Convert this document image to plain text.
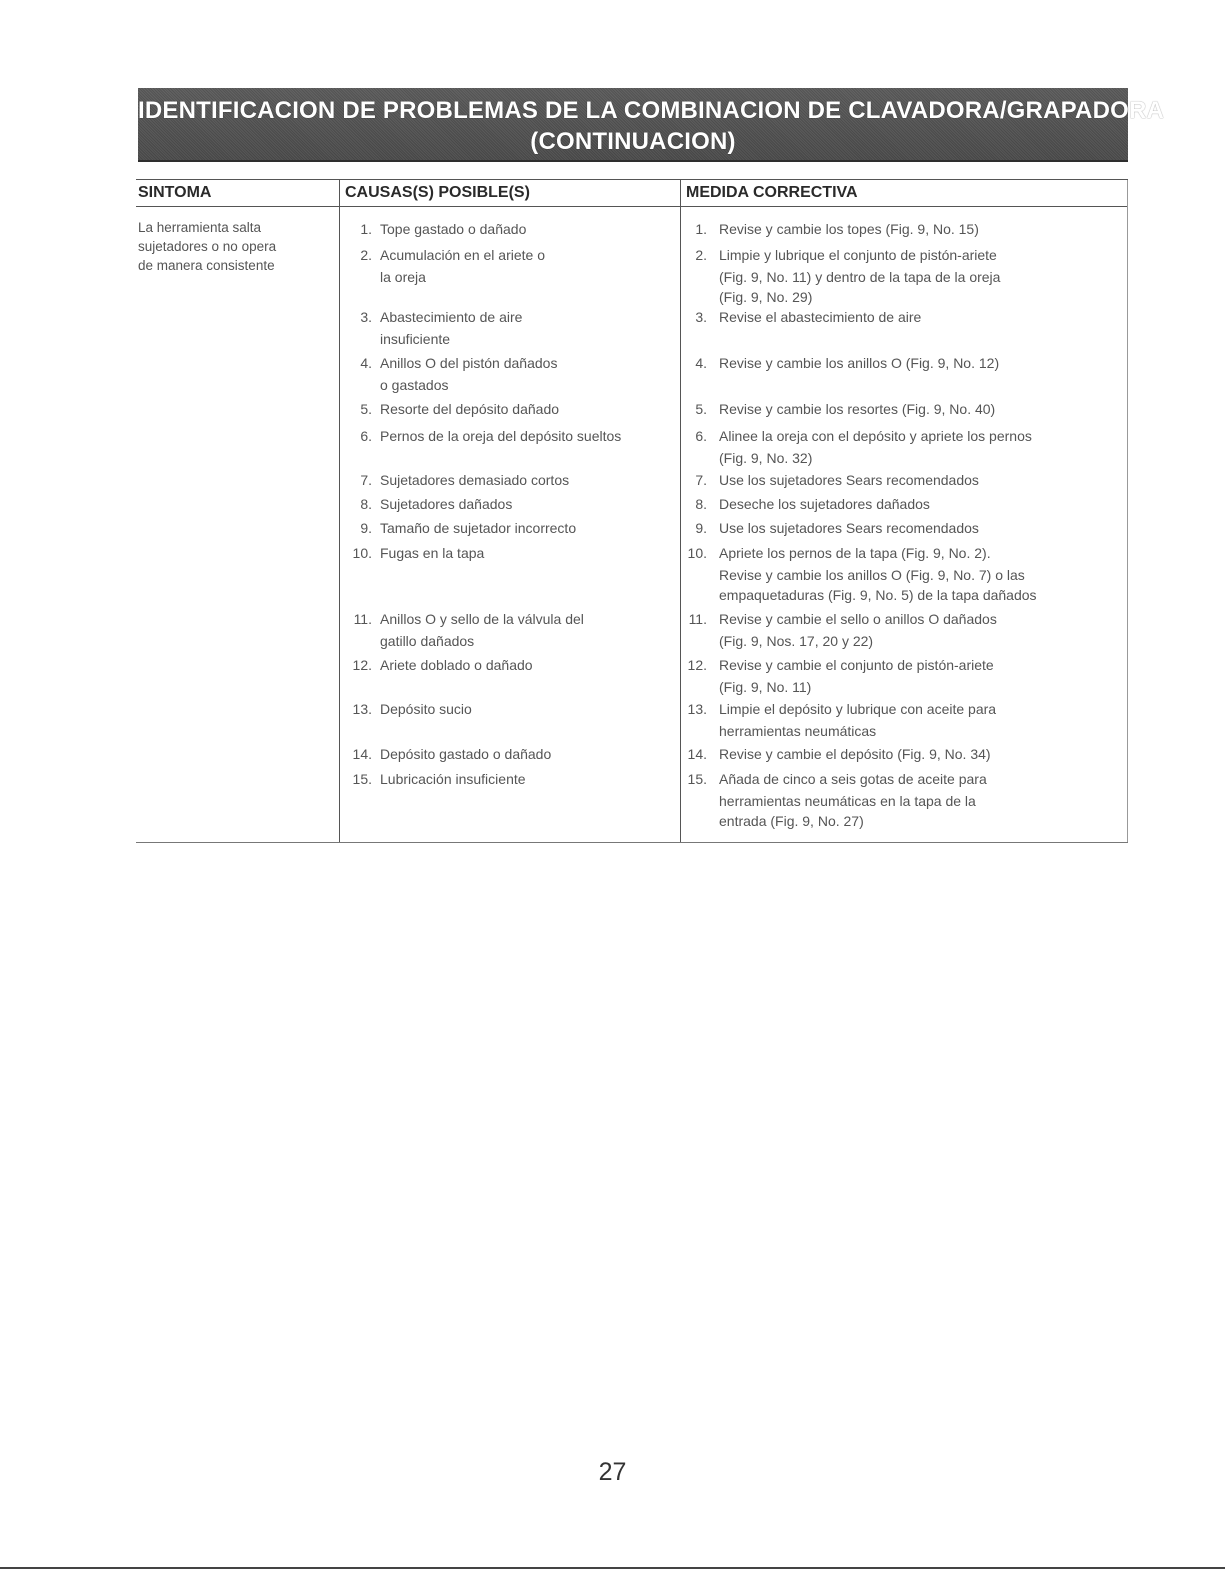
IDENTIFICACION DE PROBLEMAS DE LA COMBINACION DE CLAVADORA/GRAPADORA
(CONTINUACION)
SINTOMA
La herramienta salta
sujetadores o no opera
de manera consistente
CAUSAS(S) POSIBLE(S)
1. Tope gastado o dañado
2. Acumulación en el ariete o
la oreja
3. Abastecimiento de aire
insuficiente
4. Anillos O del pistón dañados
o gastados
5. Resorte del depósito dañado
6. Pernos de la oreja del depósito sueltos
7. Sujetadores demasiado cortos
8. Sujetadores dañados
9. Tamaño de sujetador incorrecto
10. Fugas en la tapa
11. Anillos O y sello de la válvula del
gatillo dañados
12. Ariete doblado o dañado
13. Depósito sucio
14. Depósito gastado o dañado
15. Lubricación insuficiente
MEDIDA CORRECTIVA
1. Revise y cambie los topes (Fig. 9, No. 15)
2. Limpie y lubrique el conjunto de pistón-ariete
(Fig. 9, No. 11) y dentro de la tapa de la oreja
(Fig. 9, No. 29)
3. Revise el abastecimiento de aire
4. Revise y cambie los anillos O (Fig. 9, No. 12)
5. Revise y cambie los resortes (Fig. 9, No. 40)
6. Alinee la oreja con el depósito y apriete los pernos
(Fig. 9, No. 32)
7. Use los sujetadores Sears recomendados
8. Deseche los sujetadores dañados
9. Use los sujetadores Sears recomendados
10. Apriete los pernos de la tapa (Fig. 9, No. 2).
Revise y cambie los anillos O (Fig. 9, No. 7) o las
empaquetaduras (Fig. 9, No. 5) de la tapa dañados
11. Revise y cambie el sello o anillos O dañados
(Fig. 9, Nos. 17, 20 y 22)
12. Revise y cambie el conjunto de pistón-ariete
(Fig. 9, No. 11)
13. Limpie el depósito y lubrique con aceite para
herramientas neumáticas
14. Revise y cambie el depósito (Fig. 9, No. 34)
15. Añada de cinco a seis gotas de aceite para
herramientas neumáticas en la tapa de la
entrada (Fig. 9, No. 27)
27
